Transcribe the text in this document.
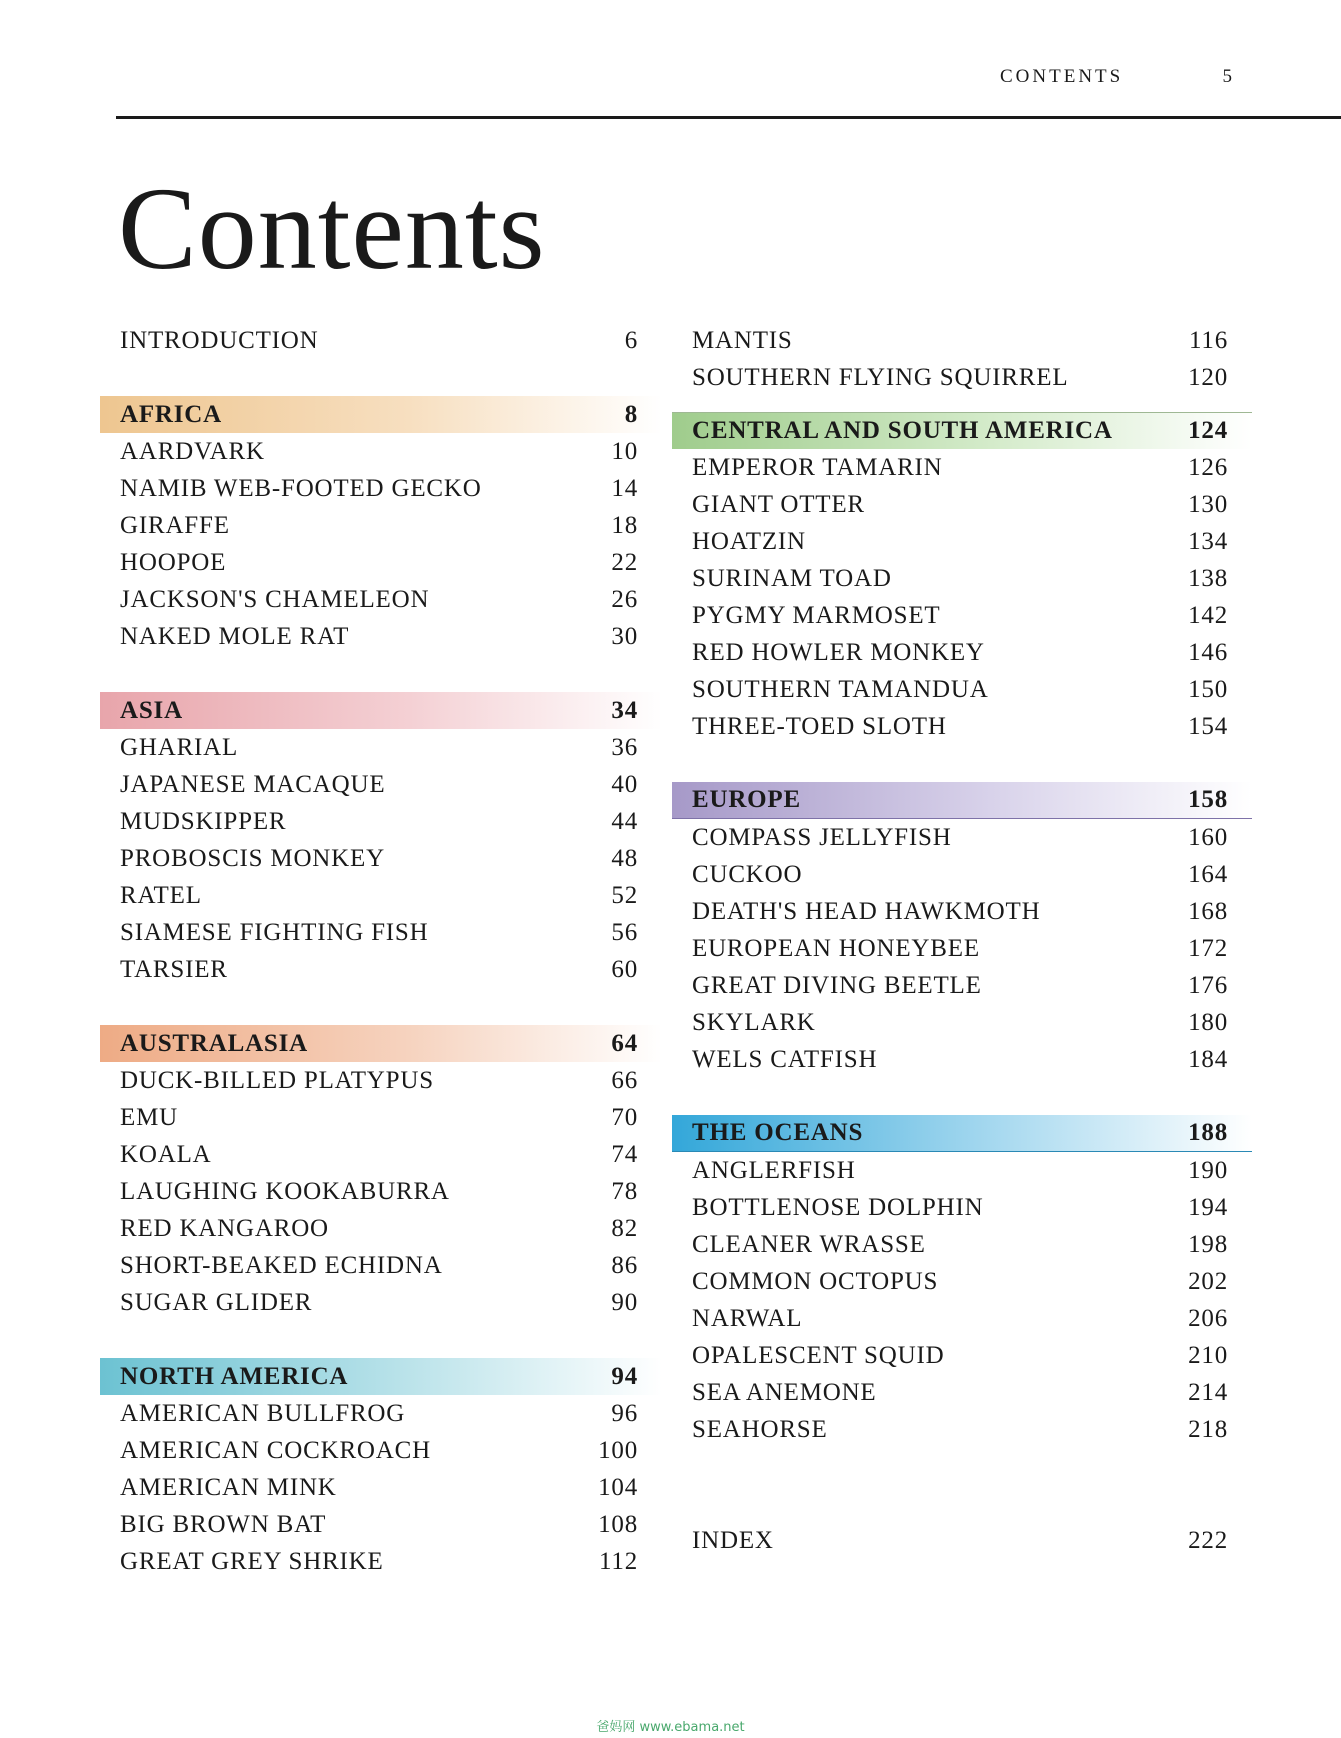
CONTENTS	5
Contents
INTRODUCTION	6
AFRICA	8
AARDVARK	10
NAMIB WEB-FOOTED GECKO	14
GIRAFFE	18
HOOPOE	22
JACKSON'S CHAMELEON	26
NAKED MOLE RAT	30
ASIA	34
GHARIAL	36
JAPANESE MACAQUE	40
MUDSKIPPER	44
PROBOSCIS MONKEY	48
RATEL	52
SIAMESE FIGHTING FISH	56
TARSIER	60
AUSTRALASIA	64
DUCK-BILLED PLATYPUS	66
EMU	70
KOALA	74
LAUGHING KOOKABURRA	78
RED KANGAROO	82
SHORT-BEAKED ECHIDNA	86
SUGAR GLIDER	90
NORTH AMERICA	94
AMERICAN BULLFROG	96
AMERICAN COCKROACH	100
AMERICAN MINK	104
BIG BROWN BAT	108
GREAT GREY SHRIKE	112
MANTIS	116
SOUTHERN FLYING SQUIRREL	120
CENTRAL AND SOUTH AMERICA	124
EMPEROR TAMARIN	126
GIANT OTTER	130
HOATZIN	134
SURINAM TOAD	138
PYGMY MARMOSET	142
RED HOWLER MONKEY	146
SOUTHERN TAMANDUA	150
THREE-TOED SLOTH	154
EUROPE	158
COMPASS JELLYFISH	160
CUCKOO	164
DEATH'S HEAD HAWKMOTH	168
EUROPEAN HONEYBEE	172
GREAT DIVING BEETLE	176
SKYLARK	180
WELS CATFISH	184
THE OCEANS	188
ANGLERFISH	190
BOTTLENOSE DOLPHIN	194
CLEANER WRASSE	198
COMMON OCTOPUS	202
NARWAL	206
OPALESCENT SQUID	210
SEA ANEMONE	214
SEAHORSE	218
INDEX	222
爸妈网 www.ebama.net
